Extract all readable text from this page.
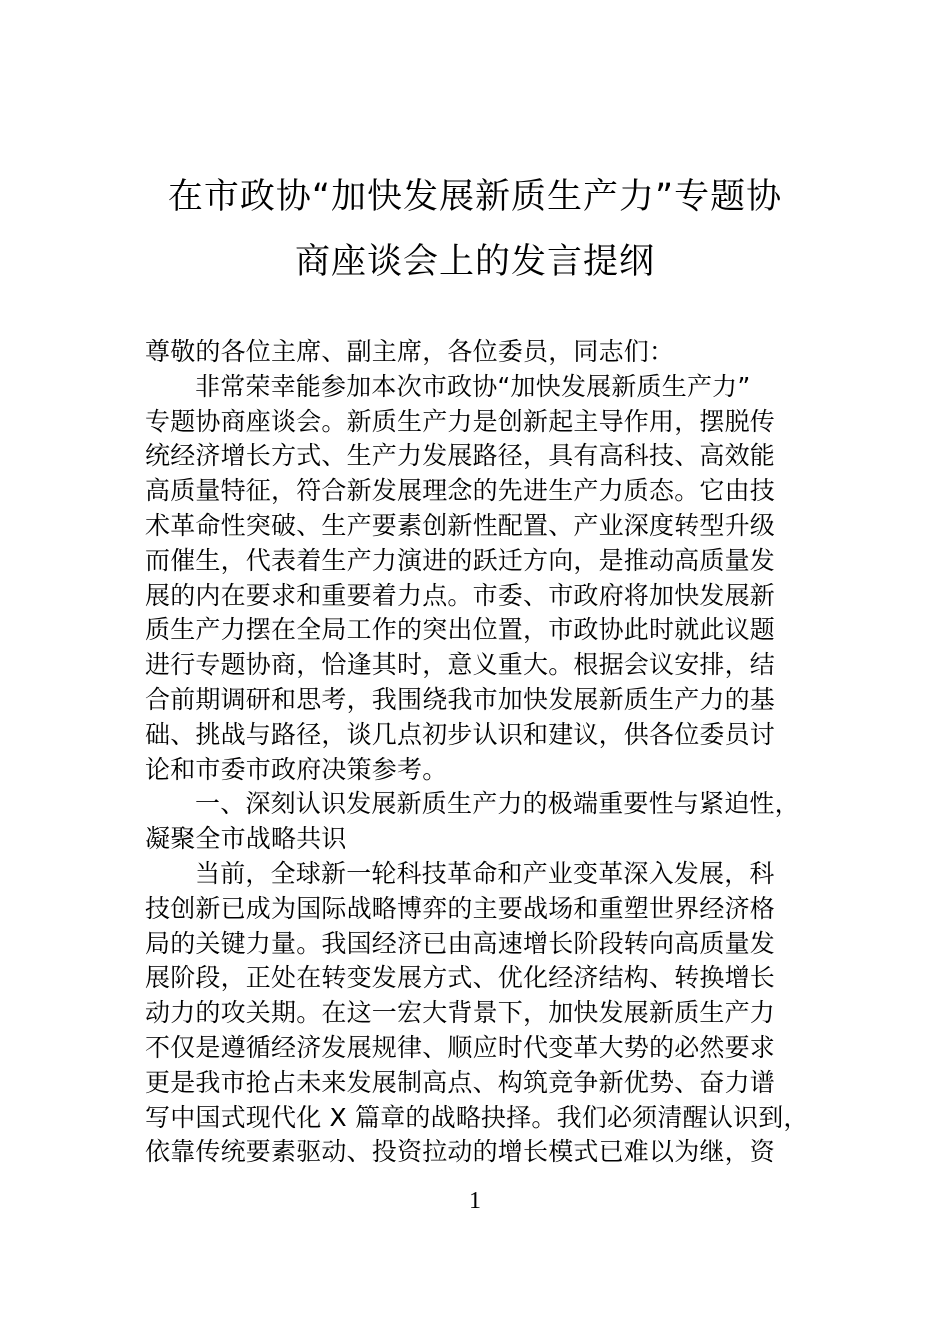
在市政协“加快发展新质生产力”专题协
商座谈会上的发言提纲
尊敬的各位主席、副主席，各位委员，同志们：
非常荣幸能参加本次市政协“加快发展新质生产力”
专题协商座谈会。新质生产力是创新起主导作用，摆脱传
统经济增长方式、生产力发展路径，具有高科技、高效能
高质量特征，符合新发展理念的先进生产力质态。它由技
术革命性突破、生产要素创新性配置、产业深度转型升级
而催生，代表着生产力演进的跃迁方向，是推动高质量发
展的内在要求和重要着力点。市委、市政府将加快发展新
质生产力摆在全局工作的突出位置，市政协此时就此议题
进行专题协商，恰逢其时，意义重大。根据会议安排，结
合前期调研和思考，我围绕我市加快发展新质生产力的基
础、挑战与路径，谈几点初步认识和建议，供各位委员讨
论和市委市政府决策参考。
一、深刻认识发展新质生产力的极端重要性与紧迫性，
凝聚全市战略共识
当前，全球新一轮科技革命和产业变革深入发展，科
技创新已成为国际战略博弈的主要战场和重塑世界经济格
局的关键力量。我国经济已由高速增长阶段转向高质量发
展阶段，正处在转变发展方式、优化经济结构、转换增长
动力的攻关期。在这一宏大背景下，加快发展新质生产力
不仅是遵循经济发展规律、顺应时代变革大势的必然要求
更是我市抢占未来发展制高点、构筑竞争新优势、奋力谱
写中国式现代化 X 篇章的战略抉择。我们必须清醒认识到，
依靠传统要素驱动、投资拉动的增长模式已难以为继，资
1
